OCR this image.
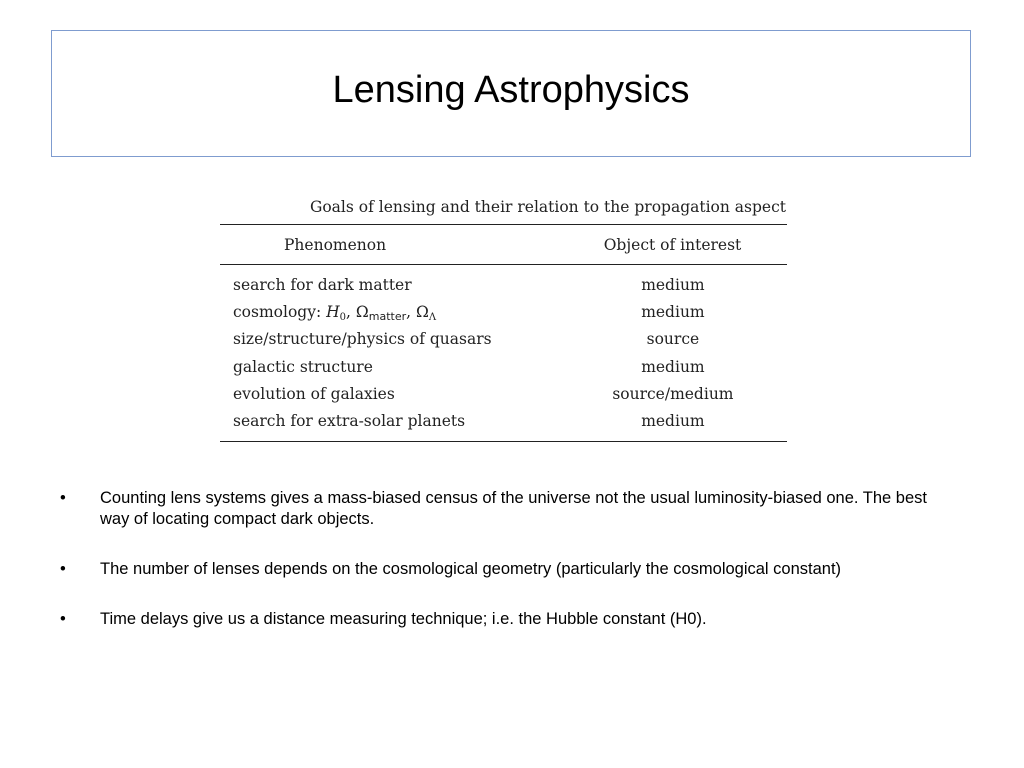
Lensing Astrophysics
Goals of lensing and their relation to the propagation aspect
Phenomenon	Object of interest
search for dark matter	medium
cosmology: H0, Ωmatter, ΩΛ	medium
size/structure/physics of quasars	source
galactic structure	medium
evolution of galaxies	source/medium
search for extra-solar planets	medium
•	Counting lens systems gives a mass-biased census of the universe not the usual luminosity-biased one. The best way of locating compact dark objects.
•	The number of lenses depends on the cosmological geometry (particularly the cosmological constant)
•	Time delays give us a distance measuring technique; i.e. the Hubble constant (H0).
